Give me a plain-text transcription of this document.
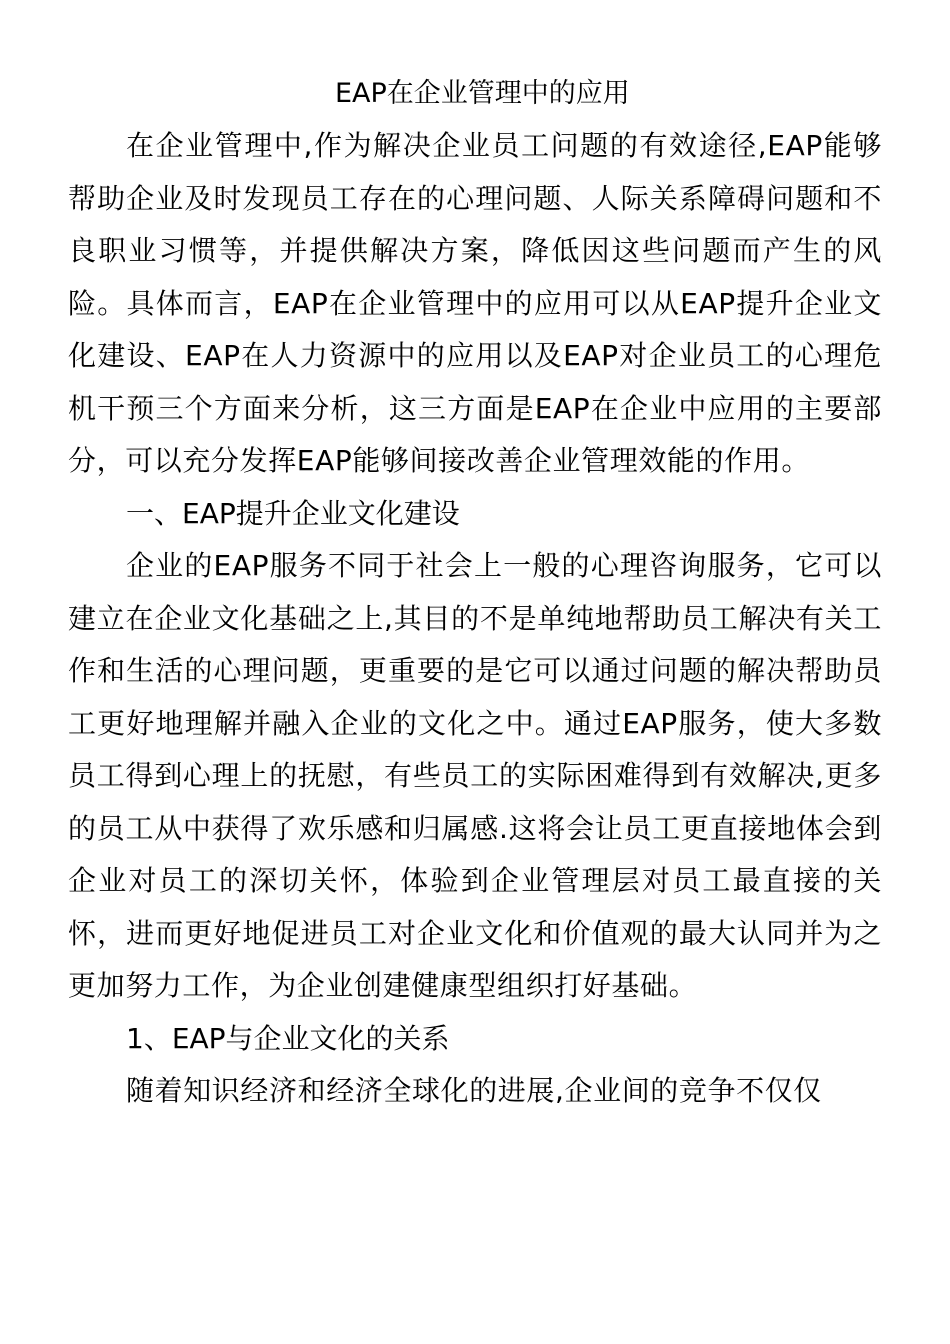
EAP在企业管理中的应用

在企业管理中,作为解决企业员工问题的有效途径,EAP能够帮助企业及时发现员工存在的心理问题、人际关系障碍问题和不良职业习惯等，并提供解决方案，降低因这些问题而产生的风险。具体而言，EAP在企业管理中的应用可以从EAP提升企业文化建设、EAP在人力资源中的应用以及EAP对企业员工的心理危机干预三个方面来分析，这三方面是EAP在企业中应用的主要部分，可以充分发挥EAP能够间接改善企业管理效能的作用。

一、EAP提升企业文化建设

企业的EAP服务不同于社会上一般的心理咨询服务，它可以建立在企业文化基础之上,其目的不是单纯地帮助员工解决有关工作和生活的心理问题，更重要的是它可以通过问题的解决帮助员工更好地理解并融入企业的文化之中。通过EAP服务，使大多数员工得到心理上的抚慰，有些员工的实际困难得到有效解决,更多的员工从中获得了欢乐感和归属感.这将会让员工更直接地体会到企业对员工的深切关怀，体验到企业管理层对员工最直接的关怀，进而更好地促进员工对企业文化和价值观的最大认同并为之更加努力工作，为企业创建健康型组织打好基础。

1、EAP与企业文化的关系

随着知识经济和经济全球化的进展,企业间的竞争不仅仅
